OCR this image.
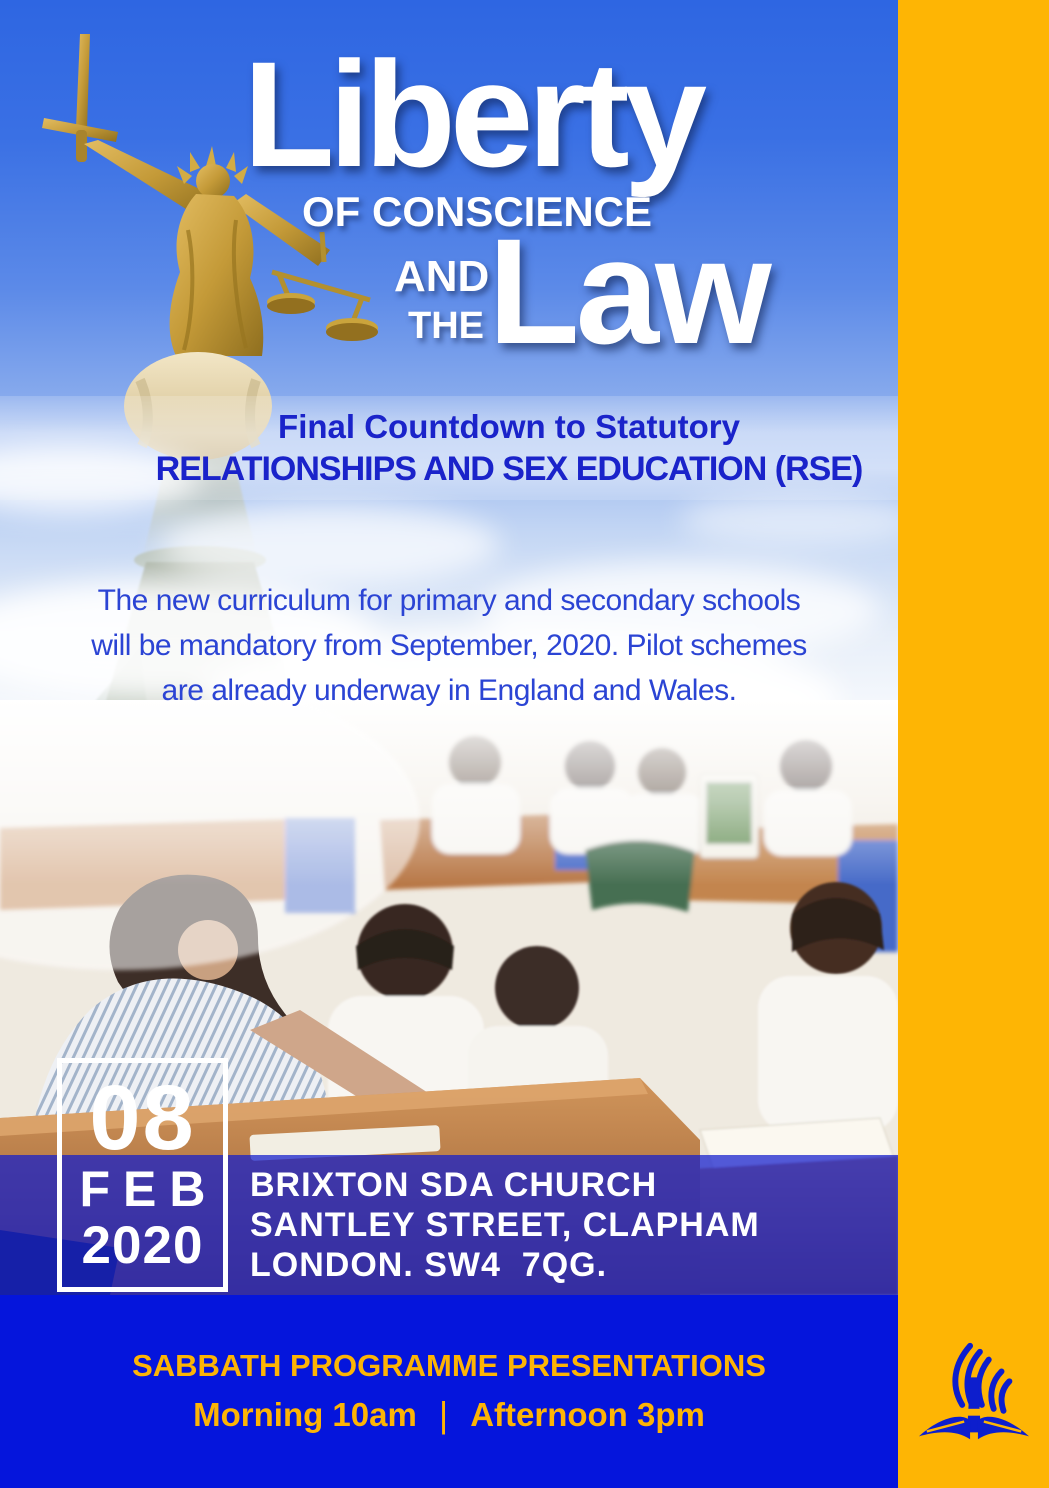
Liberty
OF CONSCIENCE
AND
THE Law
Final Countdown to Statutory
RELATIONSHIPS AND SEX EDUCATION (RSE)
The new curriculum for primary and secondary schools
will be mandatory from September, 2020. Pilot schemes
are already underway in England and Wales.
BRIXTON SDA CHURCH
SANTLEY STREET, CLAPHAM
LONDON. SW4  7QG.
08
FEB
2020
SABBATH PROGRAMME PRESENTATIONS
Morning 10am | Afternoon 3pm
